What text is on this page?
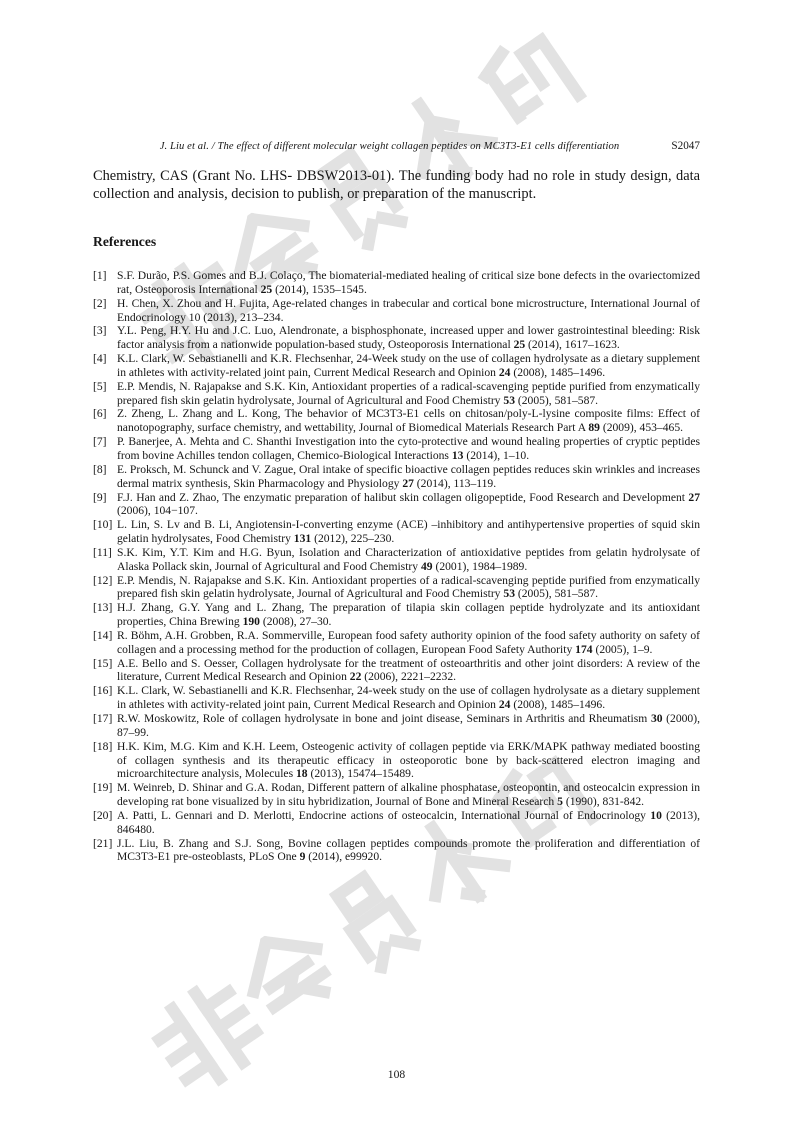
J. Liu et al. / The effect of different molecular weight collagen peptides on MC3T3-E1 cells differentiation	S2047

Chemistry, CAS (Grant No. LHS- DBSW2013-01). The funding body had no role in study design, data collection and analysis, decision to publish, or preparation of the manuscript.

References
[1] S.F. Durão, P.S. Gomes and B.J. Colaço, The biomaterial-mediated healing of critical size bone defects in the ovariectomized rat, Osteoporosis International 25 (2014), 1535–1545.
[2] H. Chen, X. Zhou and H. Fujita, Age-related changes in trabecular and cortical bone microstructure, International Journal of Endocrinology 10 (2013), 213–234.
[3] Y.L. Peng, H.Y. Hu and J.C. Luo, Alendronate, a bisphosphonate, increased upper and lower gastrointestinal bleeding: Risk factor analysis from a nationwide population-based study, Osteoporosis International 25 (2014), 1617–1623.
[4] K.L. Clark, W. Sebastianelli and K.R. Flechsenhar, 24-Week study on the use of collagen hydrolysate as a dietary supplement in athletes with activity-related joint pain, Current Medical Research and Opinion 24 (2008), 1485–1496.
[5] E.P. Mendis, N. Rajapakse and S.K. Kin, Antioxidant properties of a radical-scavenging peptide purified from enzymatically prepared fish skin gelatin hydrolysate, Journal of Agricultural and Food Chemistry 53 (2005), 581–587.
[6] Z. Zheng, L. Zhang and L. Kong, The behavior of MC3T3-E1 cells on chitosan/poly-L-lysine composite films: Effect of nanotopography, surface chemistry, and wettability, Journal of Biomedical Materials Research Part A 89 (2009), 453–465.
[7] P. Banerjee, A. Mehta and C. Shanthi Investigation into the cyto-protective and wound healing properties of cryptic peptides from bovine Achilles tendon collagen, Chemico-Biological Interactions 13 (2014), 1–10.
[8] E. Proksch, M. Schunck and V. Zague, Oral intake of specific bioactive collagen peptides reduces skin wrinkles and increases dermal matrix synthesis, Skin Pharmacology and Physiology 27 (2014), 113–119.
[9] F.J. Han and Z. Zhao, The enzymatic preparation of halibut skin collagen oligopeptide, Food Research and Development 27 (2006), 104−107.
[10] L. Lin, S. Lv and B. Li, Angiotensin-I-converting enzyme (ACE) –inhibitory and antihypertensive properties of squid skin gelatin hydrolysates, Food Chemistry 131 (2012), 225–230.
[11] S.K. Kim, Y.T. Kim and H.G. Byun, Isolation and Characterization of antioxidative peptides from gelatin hydrolysate of Alaska Pollack skin, Journal of Agricultural and Food Chemistry 49 (2001), 1984–1989.
[12] E.P. Mendis, N. Rajapakse and S.K. Kin. Antioxidant properties of a radical-scavenging peptide purified from enzymatically prepared fish skin gelatin hydrolysate, Journal of Agricultural and Food Chemistry 53 (2005), 581–587.
[13] H.J. Zhang, G.Y. Yang and L. Zhang, The preparation of tilapia skin collagen peptide hydrolyzate and its antioxidant properties, China Brewing 190 (2008), 27–30.
[14] R. Böhm, A.H. Grobben, R.A. Sommerville, European food safety authority opinion of the food safety authority on safety of collagen and a processing method for the production of collagen, European Food Safety Authority 174 (2005), 1–9.
[15] A.E. Bello and S. Oesser, Collagen hydrolysate for the treatment of osteoarthritis and other joint disorders: A review of the literature, Current Medical Research and Opinion 22 (2006), 2221–2232.
[16] K.L. Clark, W. Sebastianelli and K.R. Flechsenhar, 24-week study on the use of collagen hydrolysate as a dietary supplement in athletes with activity-related joint pain, Current Medical Research and Opinion 24 (2008), 1485–1496.
[17] R.W. Moskowitz, Role of collagen hydrolysate in bone and joint disease, Seminars in Arthritis and Rheumatism 30 (2000), 87–99.
[18] H.K. Kim, M.G. Kim and K.H. Leem, Osteogenic activity of collagen peptide via ERK/MAPK pathway mediated boosting of collagen synthesis and its therapeutic efficacy in osteoporotic bone by back-scattered electron imaging and microarchitecture analysis, Molecules 18 (2013), 15474–15489.
[19] M. Weinreb, D. Shinar and G.A. Rodan, Different pattern of alkaline phosphatase, osteopontin, and osteocalcin expression in developing rat bone visualized by in situ hybridization, Journal of Bone and Mineral Research 5 (1990), 831-842.
[20] A. Patti, L. Gennari and D. Merlotti, Endocrine actions of osteocalcin, International Journal of Endocrinology 10 (2013), 846480.
[21] J.L. Liu, B. Zhang and S.J. Song, Bovine collagen peptides compounds promote the proliferation and differentiation of MC3T3-E1 pre-osteoblasts, PLoS One 9 (2014), e99920.
108
